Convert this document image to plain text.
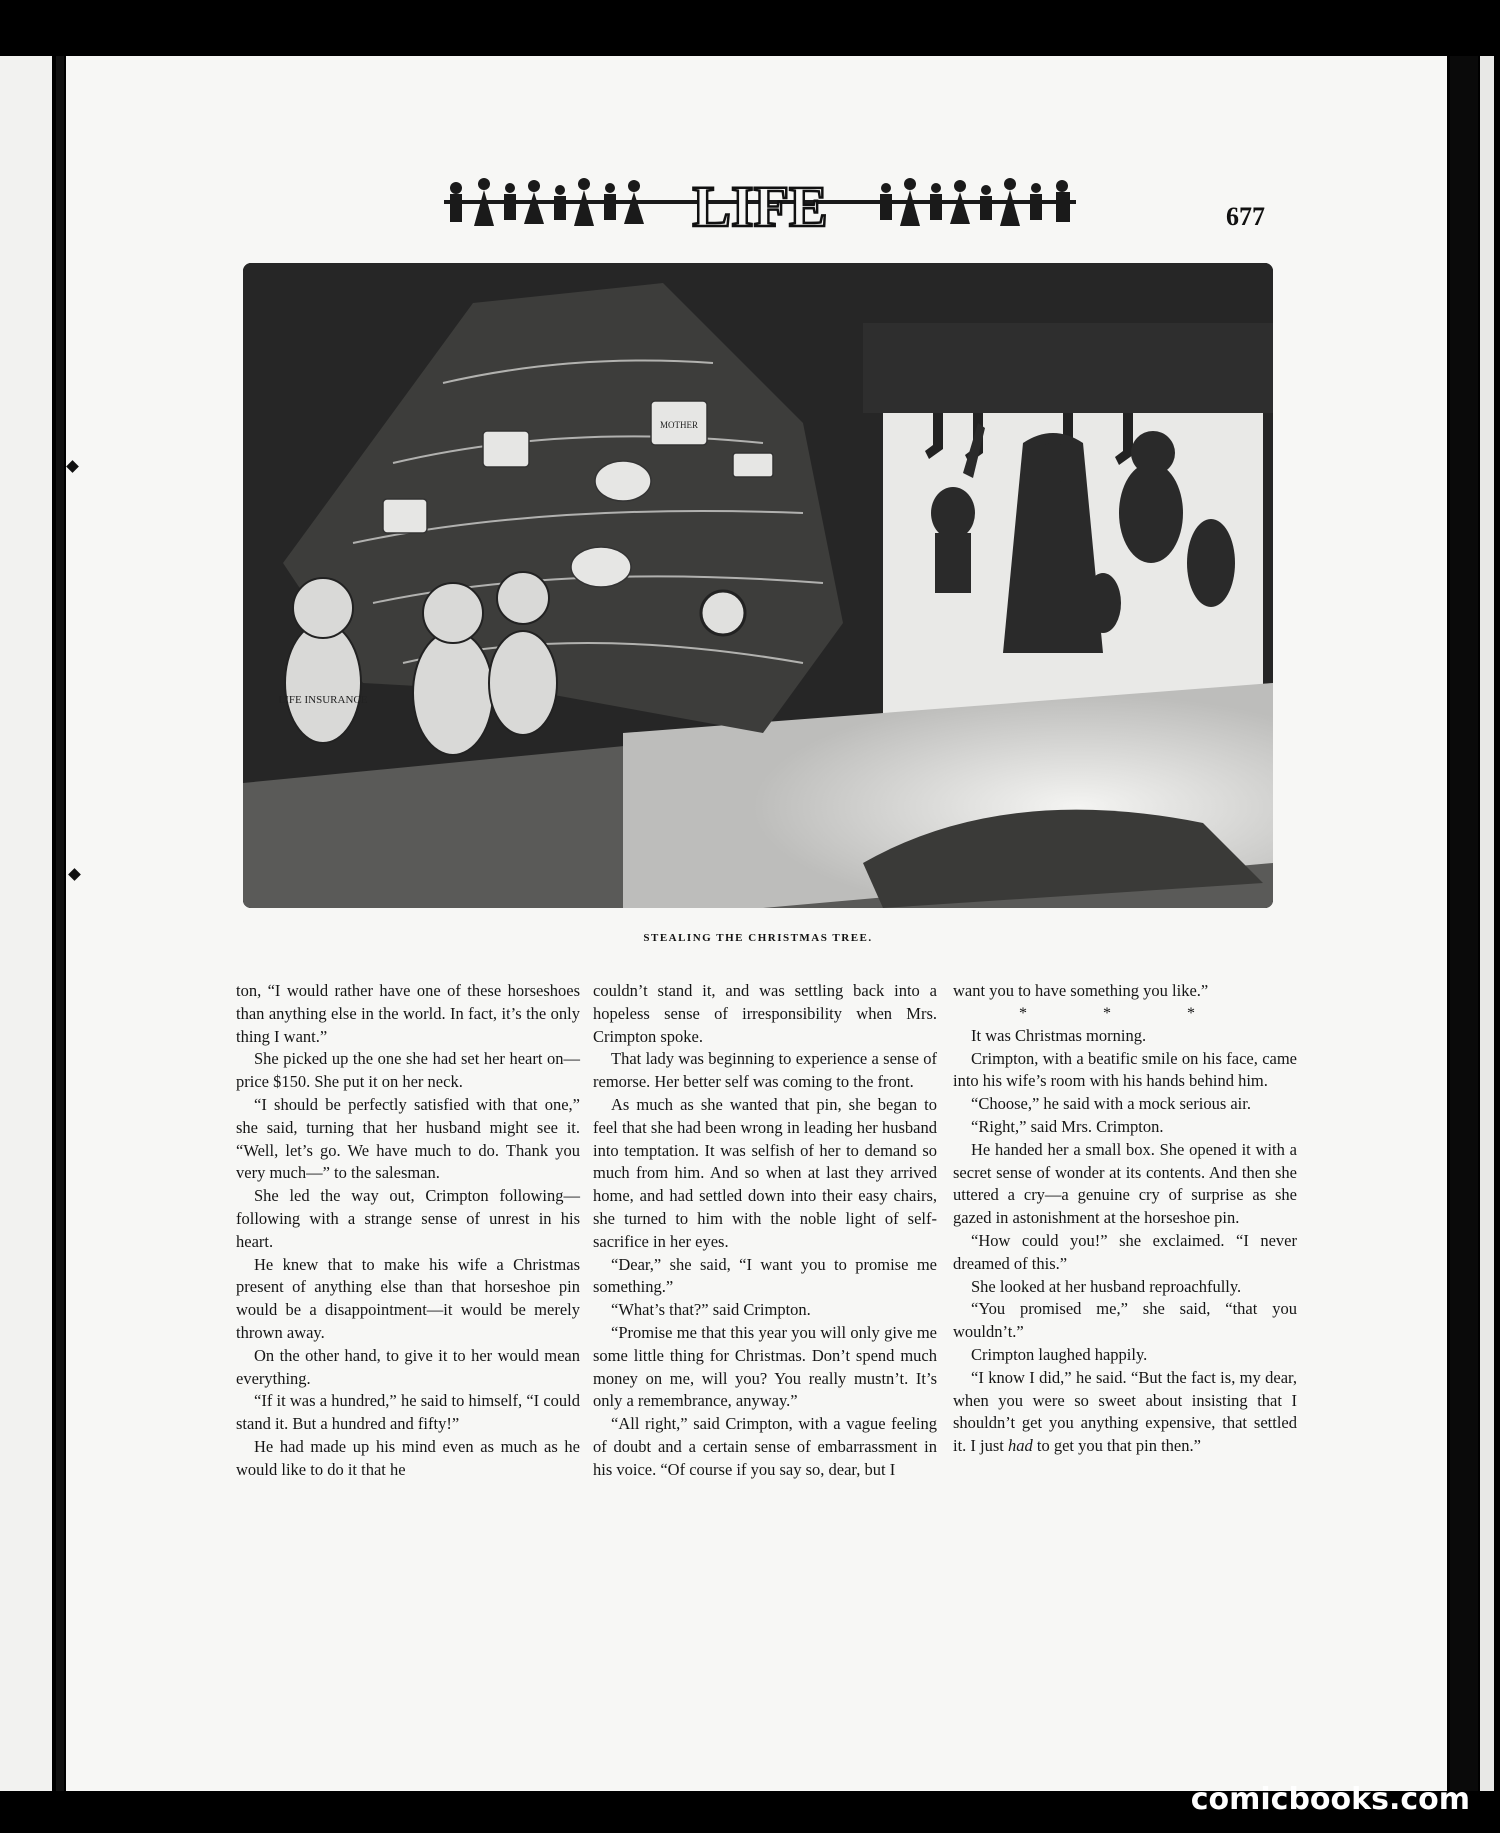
LIFE	677
MOTHER
LIFE INSURANCE
STEALING THE CHRISTMAS TREE.

ton, “I would rather have one of these horseshoes than anything else in the world. In fact, it’s the only thing I want.”

She picked up the one she had set her heart on—price $150. She put it on her neck.

“I should be perfectly satisfied with that one,” she said, turning that her husband might see it. “Well, let’s go. We have much to do. Thank you very much—” to the salesman.

She led the way out, Crimpton following—following with a strange sense of unrest in his heart.

He knew that to make his wife a Christmas present of anything else than that horseshoe pin would be a disappointment—it would be merely thrown away.

On the other hand, to give it to her would mean everything.

“If it was a hundred,” he said to himself, “I could stand it. But a hundred and fifty!”

He had made up his mind even as much as he would like to do it that he

couldn’t stand it, and was settling back into a hopeless sense of irresponsibility when Mrs. Crimpton spoke.

That lady was beginning to experience a sense of remorse. Her better self was coming to the front.

As much as she wanted that pin, she began to feel that she had been wrong in leading her husband into temptation. It was selfish of her to demand so much from him. And so when at last they arrived home, and had settled down into their easy chairs, she turned to him with the noble light of self-sacrifice in her eyes.

“Dear,” she said, “I want you to promise me something.”

“What’s that?” said Crimpton.

“Promise me that this year you will only give me some little thing for Christmas. Don’t spend much money on me, will you? You really mustn’t. It’s only a remembrance, anyway.”

“All right,” said Crimpton, with a vague feeling of doubt and a certain sense of embarrassment in his voice. “Of course if you say so, dear, but I

want you to have something you like.”

* * *

It was Christmas morning.

Crimpton, with a beatific smile on his face, came into his wife’s room with his hands behind him.

“Choose,” he said with a mock serious air.

“Right,” said Mrs. Crimpton.

He handed her a small box. She opened it with a secret sense of wonder at its contents. And then she uttered a cry—a genuine cry of surprise as she gazed in astonishment at the horseshoe pin.

“How could you!” she exclaimed. “I never dreamed of this.”

She looked at her husband reproachfully.

“You promised me,” she said, “that you wouldn’t.”

Crimpton laughed happily.

“I know I did,” he said. “But the fact is, my dear, when you were so sweet about insisting that I shouldn’t get you anything expensive, that settled it. I just had to get you that pin then.”

comicbooks.com
